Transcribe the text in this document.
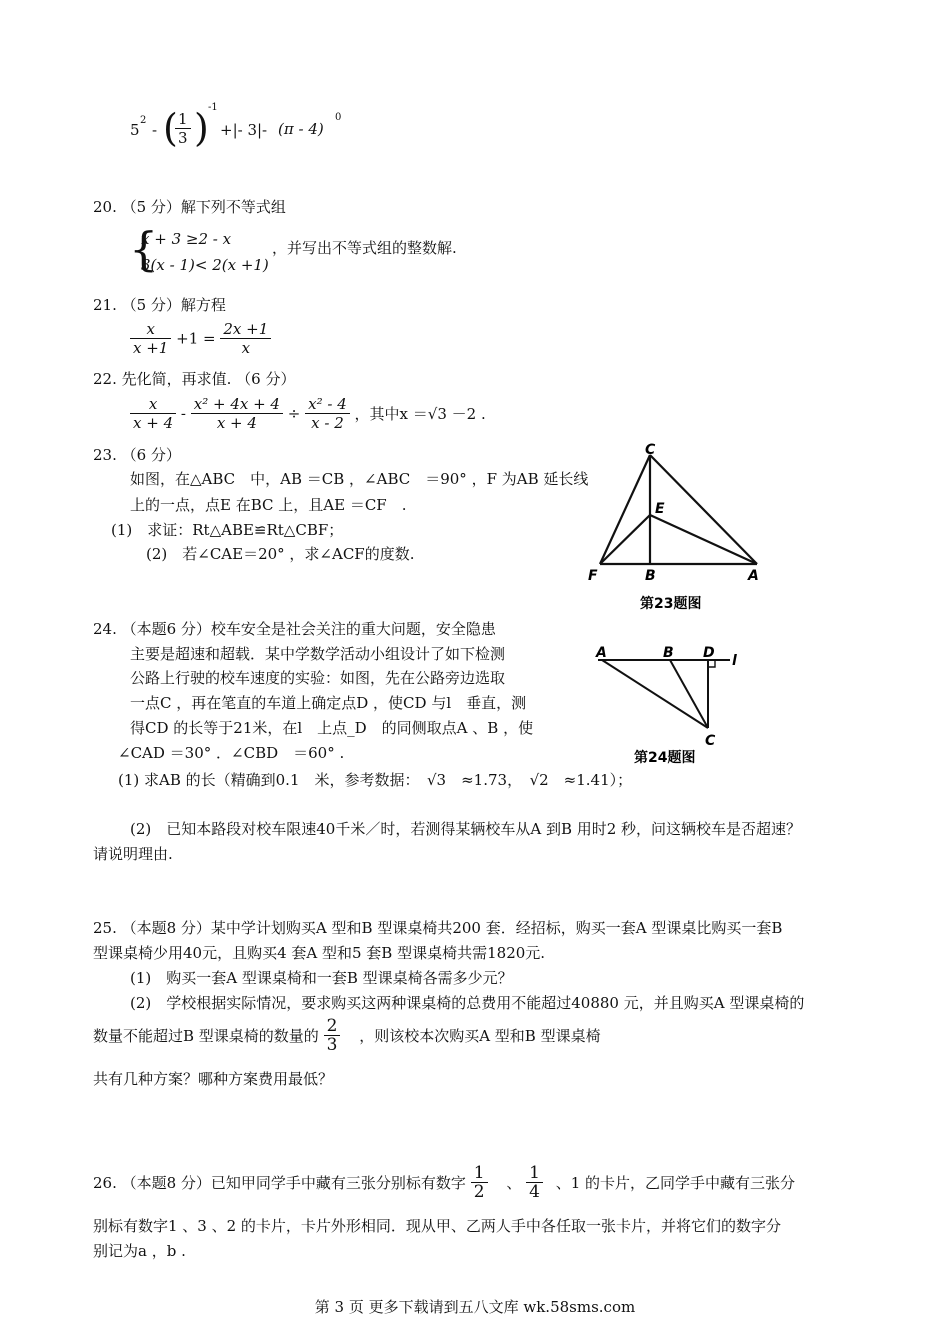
5
2
- (
$\frac{1}{3}$ ) -1
+|- 3|- (π - 4)
0
20. （5 分）解下列不等式组
{
x + 3 ≥2 - x
3(x - 1)< 2(x +1)
，并写出不等式组的整数解.
21. （5 分）解方程
$\frac{x}{x +1} +1 = \frac{2x +1}{x}$
22. 先化简，再求值. （6 分）
$\frac{x}{x + 4} - \frac{\text{x² + 4x + 4}}{x + 4} \div \frac{\text{x² - 4}}{x - 2}$ ，其中x ＝√3 －2 .
23. （6 分）
如图，在△ABC　中，AB ＝CB ，∠ABC　＝90° ，F 为AB 延长线
上的一点，点E 在BC 上，且AE ＝CF　.
(1)　求证：Rt△ABE≌Rt△CBF；
(2)　若∠CAE＝20° ，求∠ACF的度数.
C
E
F	B	A
第23题图
24. （本题6 分）校车安全是社会关注的重大问题，安全隐患
主要是超速和超载．某中学数学活动小组设计了如下检测
公路上行驶的校车速度的实验：如图，先在公路旁边选取
一点C ，再在笔直的车道上确定点D ，使CD 与l　垂直，测
得CD 的长等于21米，在l　上点_D　的同侧取点A 、B ，使
∠CAD ＝30° ．∠CBD　＝60° .
(1) 求AB 的长（精确到0.1　米，参考数据：　√3　≈1.73，　√2　≈1.41）；
(2)　已知本路段对校车限速40千米／时，若测得某辆校车从A 到B 用时2 秒，问这辆校车是否超速？
请说明理由.
A	B D l
C
第24题图
25. （本题8 分）某中学计划购买A 型和B 型课桌椅共200 套．经招标，购买一套A 型课桌比购买一套B
型课桌椅少用40元，且购买4 套A 型和5 套B 型课桌椅共需1820元.
(1)　购买一套A 型课桌椅和一套B 型课桌椅各需多少元？
(2)　学校根据实际情况，要求购买这两种课桌椅的总费用不能超过40880 元，并且购买A 型课桌椅的
数量不能超过B 型课桌椅的数量的 $\frac{2}{3}$ ，则该校本次购买A 型和B 型课桌椅
共有几种方案？哪种方案费用最低？
26. （本题8 分）已知甲同学手中藏有三张分别标有数字 $\frac{1}{2}$ 、 $\frac{1}{4}$ 、1 的卡片，乙同学手中藏有三张分
别标有数字1 、3 、2 的卡片，卡片外形相同．现从甲、乙两人手中各任取一张卡片，并将它们的数字分
别记为a ，b .
第 3 页 更多下载请到五八文库 wk.58sms.com
